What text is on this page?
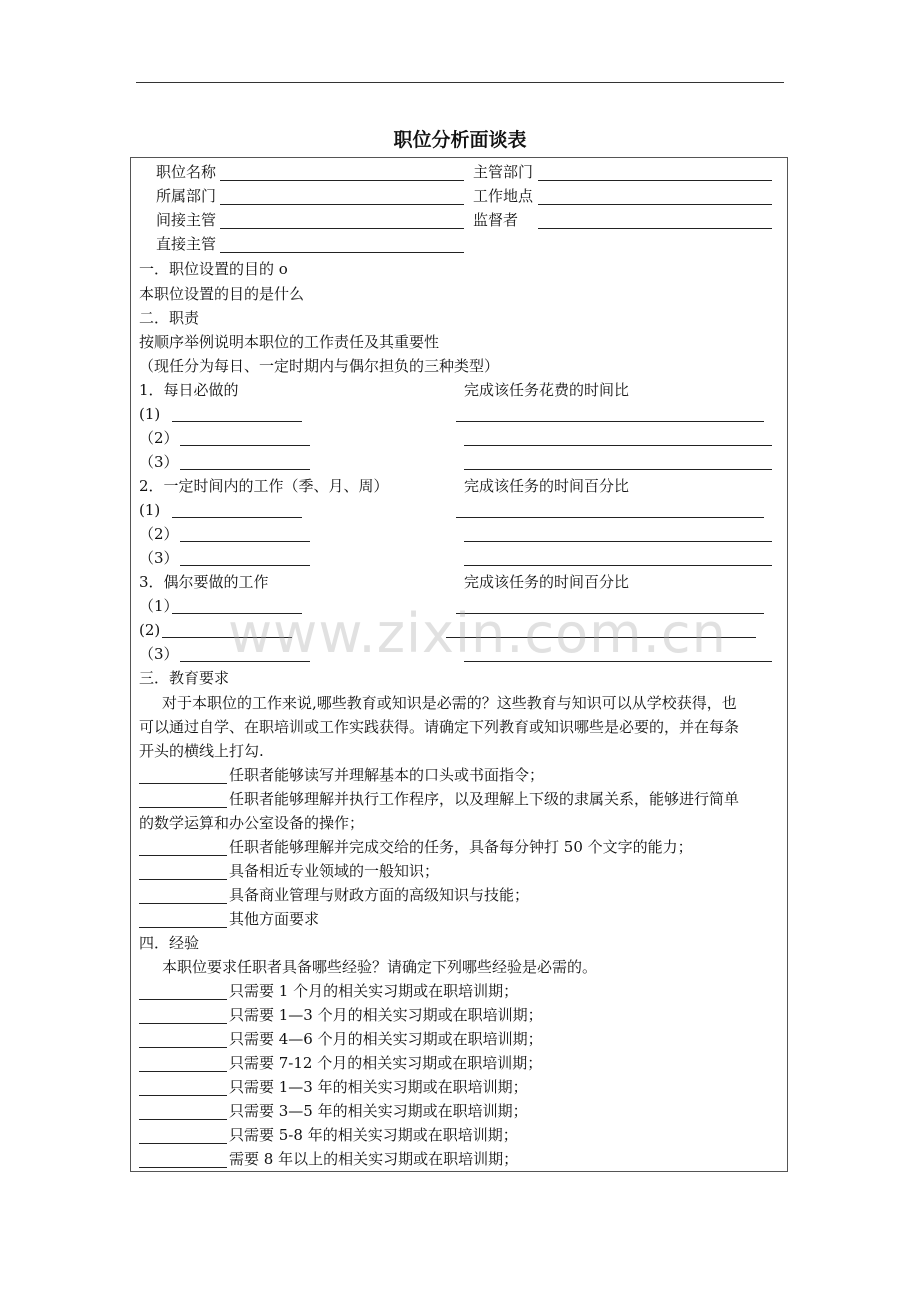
职位分析面谈表
职位名称	主管部门
所属部门	工作地点
间接主管	监督者
直接主管
一．职位设置的目的 o
本职位设置的目的是什么
二．职责
按顺序举例说明本职位的工作责任及其重要性
（现任分为每日、一定时期内与偶尔担负的三种类型）
1．每日必做的	完成该任务花费的时间比
(1)
（2）
（3）
2．一定时间内的工作（季、月、周）	完成该任务的时间百分比
(1)
（2）
（3）
3．偶尔要做的工作	完成该任务的时间百分比
（1）
(2)
（3） www.zixin.com.cn
三．教育要求
对于本职位的工作来说,哪些教育或知识是必需的？这些教育与知识可以从学校获得，也
可以通过自学、在职培训或工作实践获得。请确定下列教育或知识哪些是必要的，并在每条
开头的横线上打勾.
任职者能够读写并理解基本的口头或书面指令；
任职者能够理解并执行工作程序，以及理解上下级的隶属关系，能够进行简单
的数学运算和办公室设备的操作；
任职者能够理解并完成交给的任务，具备每分钟打 50 个文字的能力；
具备相近专业领域的一般知识；
具备商业管理与财政方面的高级知识与技能；
其他方面要求
四．经验
本职位要求任职者具备哪些经验？请确定下列哪些经验是必需的。
只需要 1 个月的相关实习期或在职培训期；
只需要 1—3 个月的相关实习期或在职培训期；
只需要 4—6 个月的相关实习期或在职培训期；
只需要 7-12 个月的相关实习期或在职培训期；
只需要 1—3 年的相关实习期或在职培训期；
只需要 3—5 年的相关实习期或在职培训期；
只需要 5-8 年的相关实习期或在职培训期；
需要 8 年以上的相关实习期或在职培训期；
